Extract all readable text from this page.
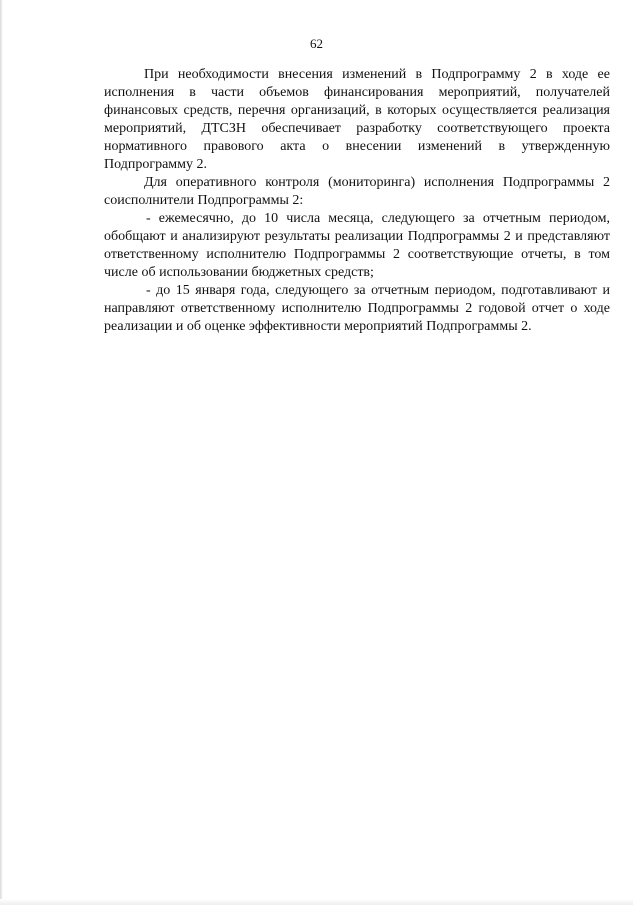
62

При необходимости внесения изменений в Подпрограмму 2 в ходе ее исполнения в части объемов финансирования мероприятий, получателей финансовых средств, перечня организаций, в которых осуществляется реализация мероприятий, ДТСЗН обеспечивает разработку соответствующего проекта нормативного правового акта о внесении изменений в утвержденную Подпрограмму 2.

Для оперативного контроля (мониторинга) исполнения Подпрограммы 2 соисполнители Подпрограммы 2:

- ежемесячно, до 10 числа месяца, следующего за отчетным периодом, обобщают и анализируют результаты реализации Подпрограммы 2 и представляют ответственному исполнителю Подпрограммы 2 соответствующие отчеты, в том числе об использовании бюджетных средств;

- до 15 января года, следующего за отчетным периодом, подготавливают и направляют ответственному исполнителю Подпрограммы 2 годовой отчет о ходе реализации и об оценке эффективности мероприятий Подпрограммы 2.
